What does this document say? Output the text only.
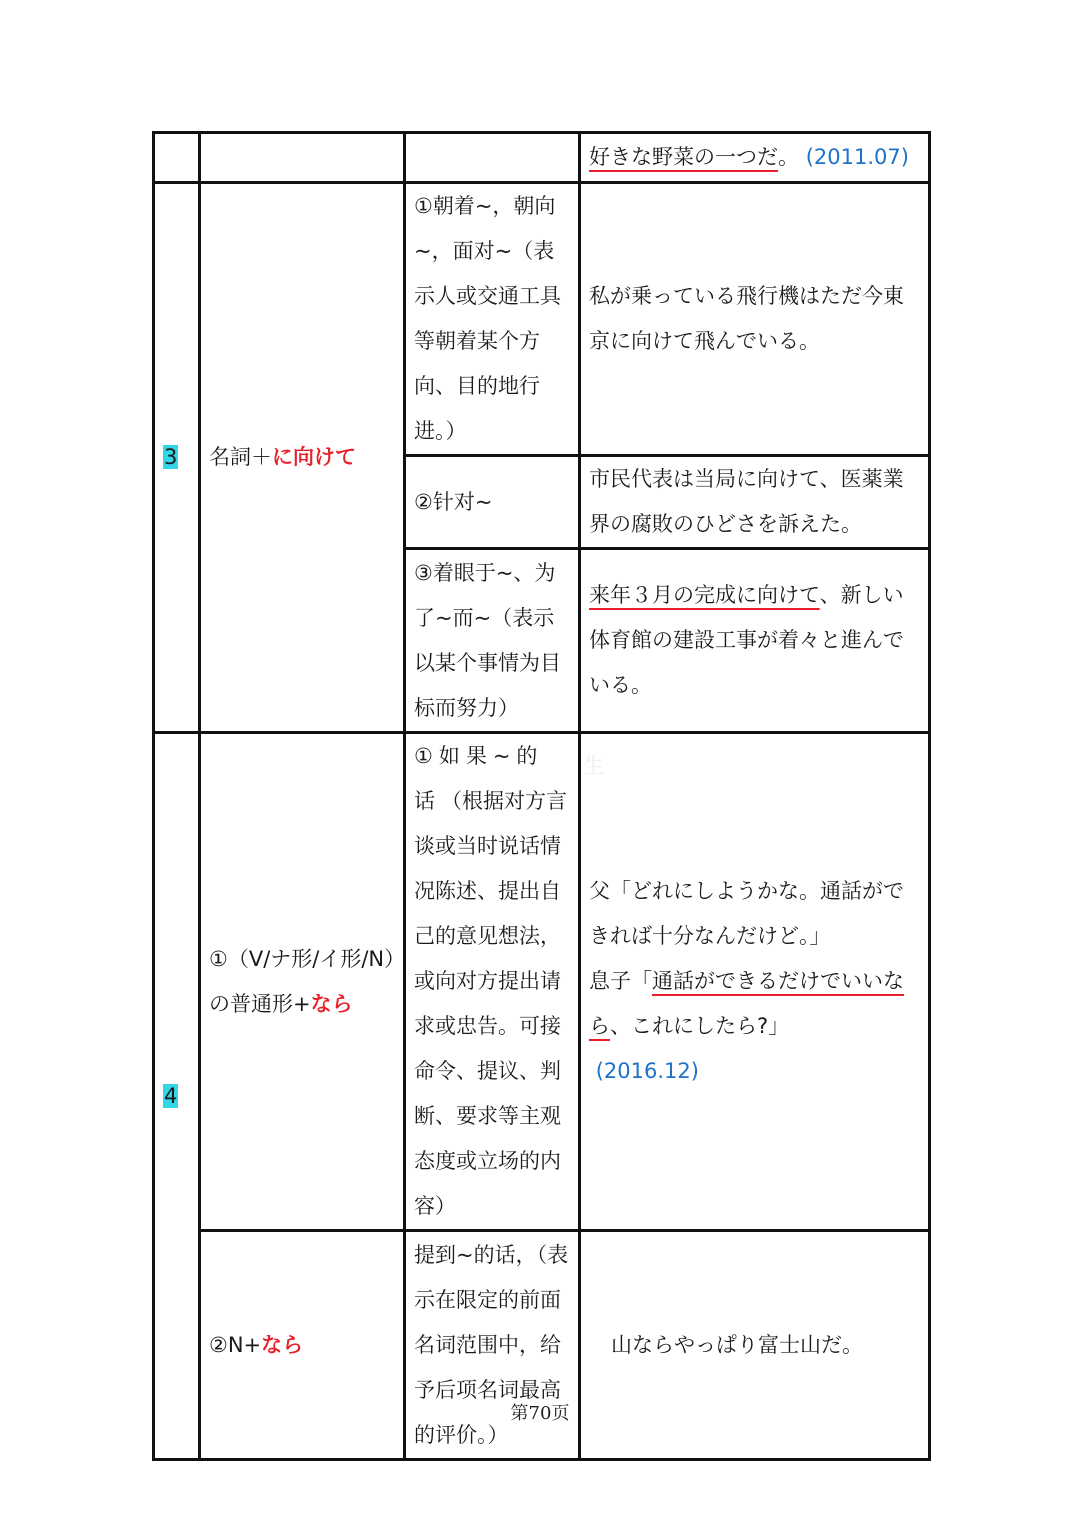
			好きな野菜の一つだ。 (2011.07)
3	名詞＋に向けて	①朝着~，朝向~，面对~（表示人或交通工具等朝着某个方向、目的地行进。）	私が乗っている飛行機はただ今東京に向けて飛んでいる。
		②针对~	市民代表は当局に向けて、医薬業界の腐敗のひどさを訴えた。
		③着眼于~、为了~而~（表示以某个事情为目标而努力）	来年３月の完成に向けて、新しい体育館の建設工事が着々と進んでいる。
4	①（V/ナ形/イ形/N）の普通形+なら	①如果~的话（根据对方言谈或当时说话情况陈述、提出自己的意见想法，或向对方提出请求或忠告。可接命令、提议、判断、要求等主观态度或立场的内容）	父「どれにしようかな。通話ができれば十分なんだけど。」
息子「通話ができるだけでいいなら、これにしたら?」
(2016.12)
	②N+なら	提到~的话，（表示在限定的前面名词范围中，给予后项名词最高的评价。）	山ならやっぱり富士山だ。
生
第70页
